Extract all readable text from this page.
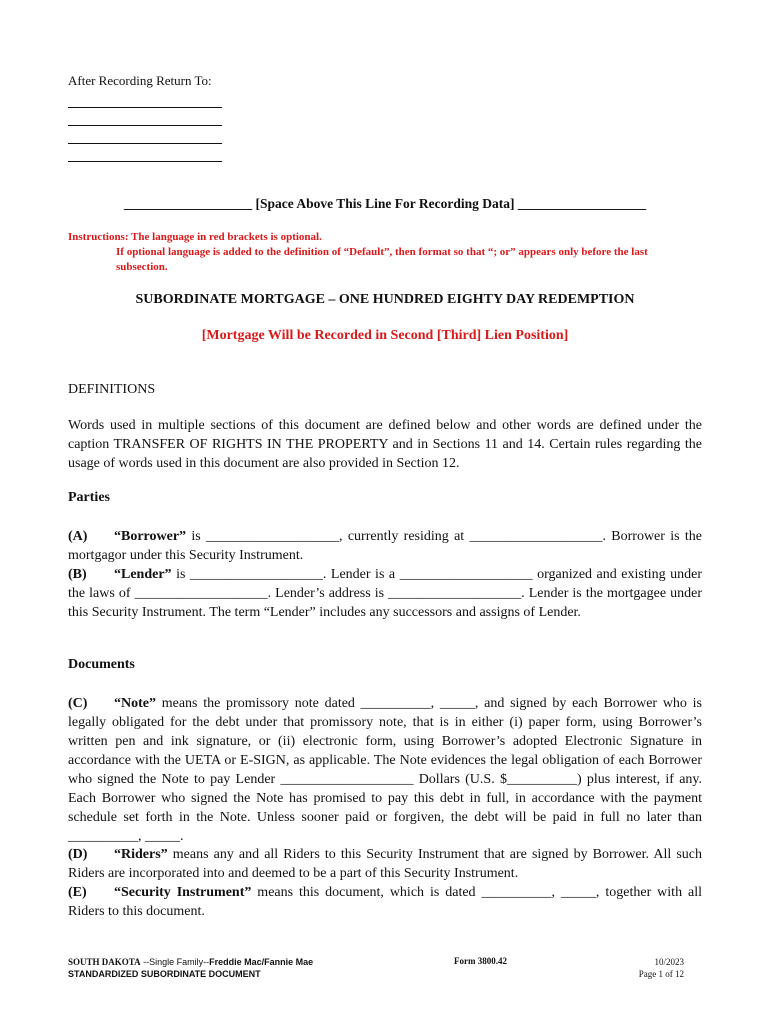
After Recording Return To:
___________________ [Space Above This Line For Recording Data] ___________________
Instructions: The language in red brackets is optional.
If optional language is added to the definition of “Default”, then format so that “; or” appears only before the last subsection.
SUBORDINATE MORTGAGE – ONE HUNDRED EIGHTY DAY REDEMPTION
[Mortgage Will be Recorded in Second [Third] Lien Position]
DEFINITIONS
Words used in multiple sections of this document are defined below and other words are defined under the caption TRANSFER OF RIGHTS IN THE PROPERTY and in Sections 11 and 14. Certain rules regarding the usage of words used in this document are also provided in Section 12.
Parties
(A) “Borrower” is ___________________, currently residing at ___________________. Borrower is the mortgagor under this Security Instrument.
(B) “Lender” is ___________________. Lender is a ___________________ organized and existing under the laws of ___________________. Lender’s address is ___________________. Lender is the mortgagee under this Security Instrument. The term “Lender” includes any successors and assigns of Lender.
Documents
(C) “Note” means the promissory note dated __________, _____, and signed by each Borrower who is legally obligated for the debt under that promissory note, that is in either (i) paper form, using Borrower’s written pen and ink signature, or (ii) electronic form, using Borrower’s adopted Electronic Signature in accordance with the UETA or E-SIGN, as applicable. The Note evidences the legal obligation of each Borrower who signed the Note to pay Lender ___________________ Dollars (U.S. $__________) plus interest, if any. Each Borrower who signed the Note has promised to pay this debt in full, in accordance with the payment schedule set forth in the Note. Unless sooner paid or forgiven, the debt will be paid in full no later than __________, _____.
(D) “Riders” means any and all Riders to this Security Instrument that are signed by Borrower. All such Riders are incorporated into and deemed to be a part of this Security Instrument.
(E) “Security Instrument” means this document, which is dated __________, _____, together with all Riders to this document.
SOUTH DAKOTA --Single Family--Freddie Mac/Fannie Mae
STANDARDIZED SUBORDINATE DOCUMENT
Form 3800.42	10/2023
Page 1 of 12
